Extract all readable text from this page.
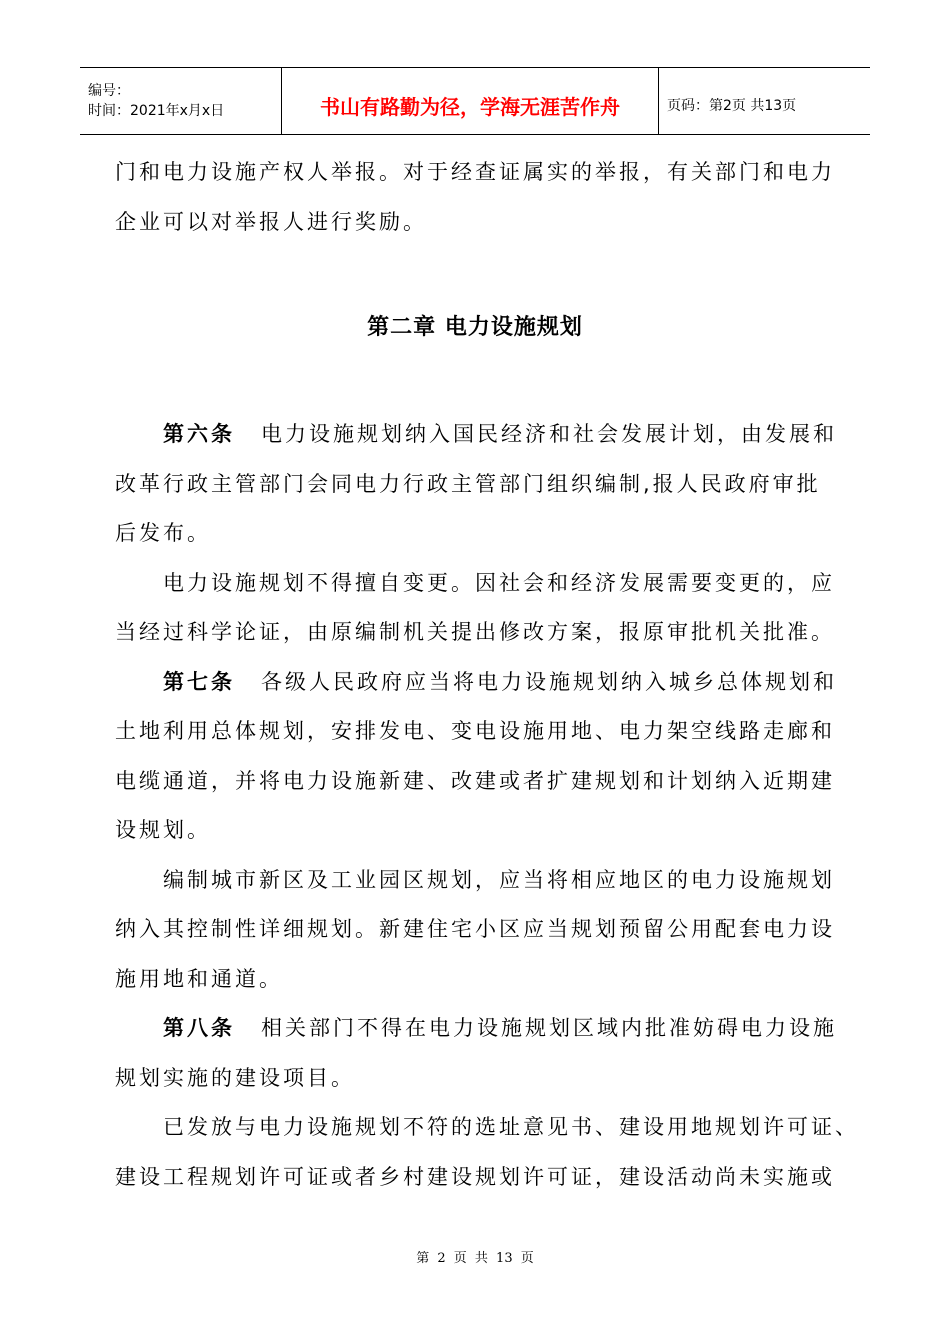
编号：
时间：2021年x月x日	书山有路勤为径，学海无涯苦作舟	页码：第2页 共13页
门和电力设施产权人举报。对于经查证属实的举报，有关部门和电力
企业可以对举报人进行奖励。
第二章 电力设施规划
第六条 电力设施规划纳入国民经济和社会发展计划，由发展和
改革行政主管部门会同电力行政主管部门组织编制,报人民政府审批
后发布。
电力设施规划不得擅自变更。因社会和经济发展需要变更的，应
当经过科学论证，由原编制机关提出修改方案，报原审批机关批准。
第七条 各级人民政府应当将电力设施规划纳入城乡总体规划和
土地利用总体规划，安排发电、变电设施用地、电力架空线路走廊和
电缆通道，并将电力设施新建、改建或者扩建规划和计划纳入近期建
设规划。
编制城市新区及工业园区规划，应当将相应地区的电力设施规划
纳入其控制性详细规划。新建住宅小区应当规划预留公用配套电力设
施用地和通道。
第八条 相关部门不得在电力设施规划区域内批准妨碍电力设施
规划实施的建设项目。
已发放与电力设施规划不符的选址意见书、建设用地规划许可证、
建设工程规划许可证或者乡村建设规划许可证，建设活动尚未实施或
第 2 页 共 13 页
